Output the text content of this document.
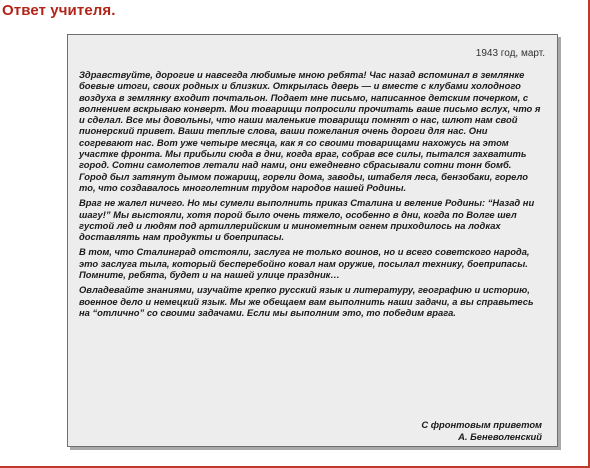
Ответ учителя.
1943 год, март.

Здравствуйте, дорогие и навсегда любимые мною ребята! Час назад вспоминал в землянке боевые итоги, своих родных и близких. Открылась дверь — и вместе с клубами холодного воздуха в землянку входит почтальон. Подает мне письмо, написанное детским почерком, с волнением вскрываю конверт. Мои товарищи попросили прочитать ваше письмо вслух, что я и сделал. Все мы довольны, что наши маленькие товарищи помнят о нас, шлют нам свой пионерский привет. Ваши теплые слова, ваши пожелания очень дороги для нас. Они согревают нас. Вот уже четыре месяца, как я со своими товарищами нахожусь на этом участке фронта. Мы прибыли сюда в дни, когда враг, собрав все силы, пытался захватить город. Сотни самолетов летали над нами, они ежедневно сбрасывали сотни тонн бомб. Город был затянут дымом пожарищ, горели дома, заводы, штабеля леса, бензобаки, горело то, что создавалось многолетним трудом народов нашей Родины.

Враг не жалел ничего. Но мы сумели выполнить приказ Сталина и веление Родины: “Назад ни шагу!” Мы выстояли, хотя порой было очень тяжело, особенно в дни, когда по Волге шел густой лед и людям под артиллерийским и минометным огнем приходилось на лодках доставлять нам продукты и боеприпасы.

В том, что Сталинград отстояли, заслуга не только воинов, но и всего советского народа, это заслуга тыла, который бесперебойно ковал нам оружие, посылал технику, боеприпасы. Помните, ребята, будет и на нашей улице праздник…

Овладевайте знаниями, изучайте крепко русский язык и литературу, географию и историю, военное дело и немецкий язык. Мы же обещаем вам выполнить наши задачи, а вы справьтесь на “отлично” со своими задачами. Если мы выполним это, то победим врага.

С фронтовым приветом
А. Беневоленский
